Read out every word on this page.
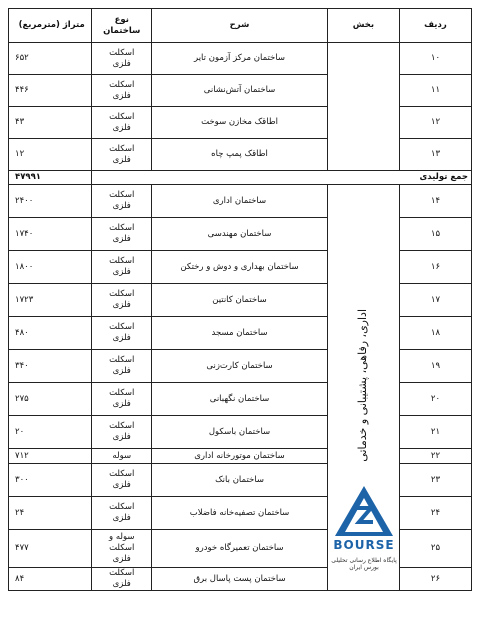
ردیف	بخش	شرح	نوع ساختمان	متراژ (مترمربع)
۱۰		ساختمان مرکز آزمون تایر	اسکلت
فلزی	۶۵۲
۱۱		ساختمان آتش‌نشانی	اسکلت
فلزی	۴۴۶
۱۲		اطاقک مخازن سوخت	اسکلت
فلزی	۴۳
۱۳		اطاقک پمپ چاه	اسکلت
فلزی	۱۲
جمع تولیدی				۴۷۹۹۱
۱۴	اداری، رفاهی، پشتیبانی و خدماتی	ساختمان اداری	اسکلت
فلزی	۲۴۰۰
۱۵		ساختمان مهندسی	اسکلت
فلزی	۱۷۴۰
۱۶		ساختمان بهداری و دوش و رختکن	اسکلت
فلزی	۱۸۰۰
۱۷		ساختمان کانتین	اسکلت
فلزی	۱۷۲۳
۱۸		ساختمان مسجد	اسکلت
فلزی	۴۸۰
۱۹		ساختمان کارت‌زنی	اسکلت
فلزی	۳۴۰
۲۰		ساختمان نگهبانی	اسکلت
فلزی	۲۷۵
۲۱		ساختمان باسکول	اسکلت
فلزی	۲۰
۲۲		ساختمان موتورخانه اداری	سوله	۷۱۲
۲۳		ساختمان بانک	اسکلت
فلزی	۳۰۰
۲۴		ساختمان تصفیه‌خانه فاضلاب	اسکلت
فلزی	۲۴
۲۵		ساختمان تعمیرگاه خودرو	سوله و
اسکلت
فلزی	۴۷۷
۲۶		ساختمان پست پاسال برق	اسکلت
فلزی	۸۴
BOURSE
پایگاه اطلاع رسانی تحلیلی بورس ایران
